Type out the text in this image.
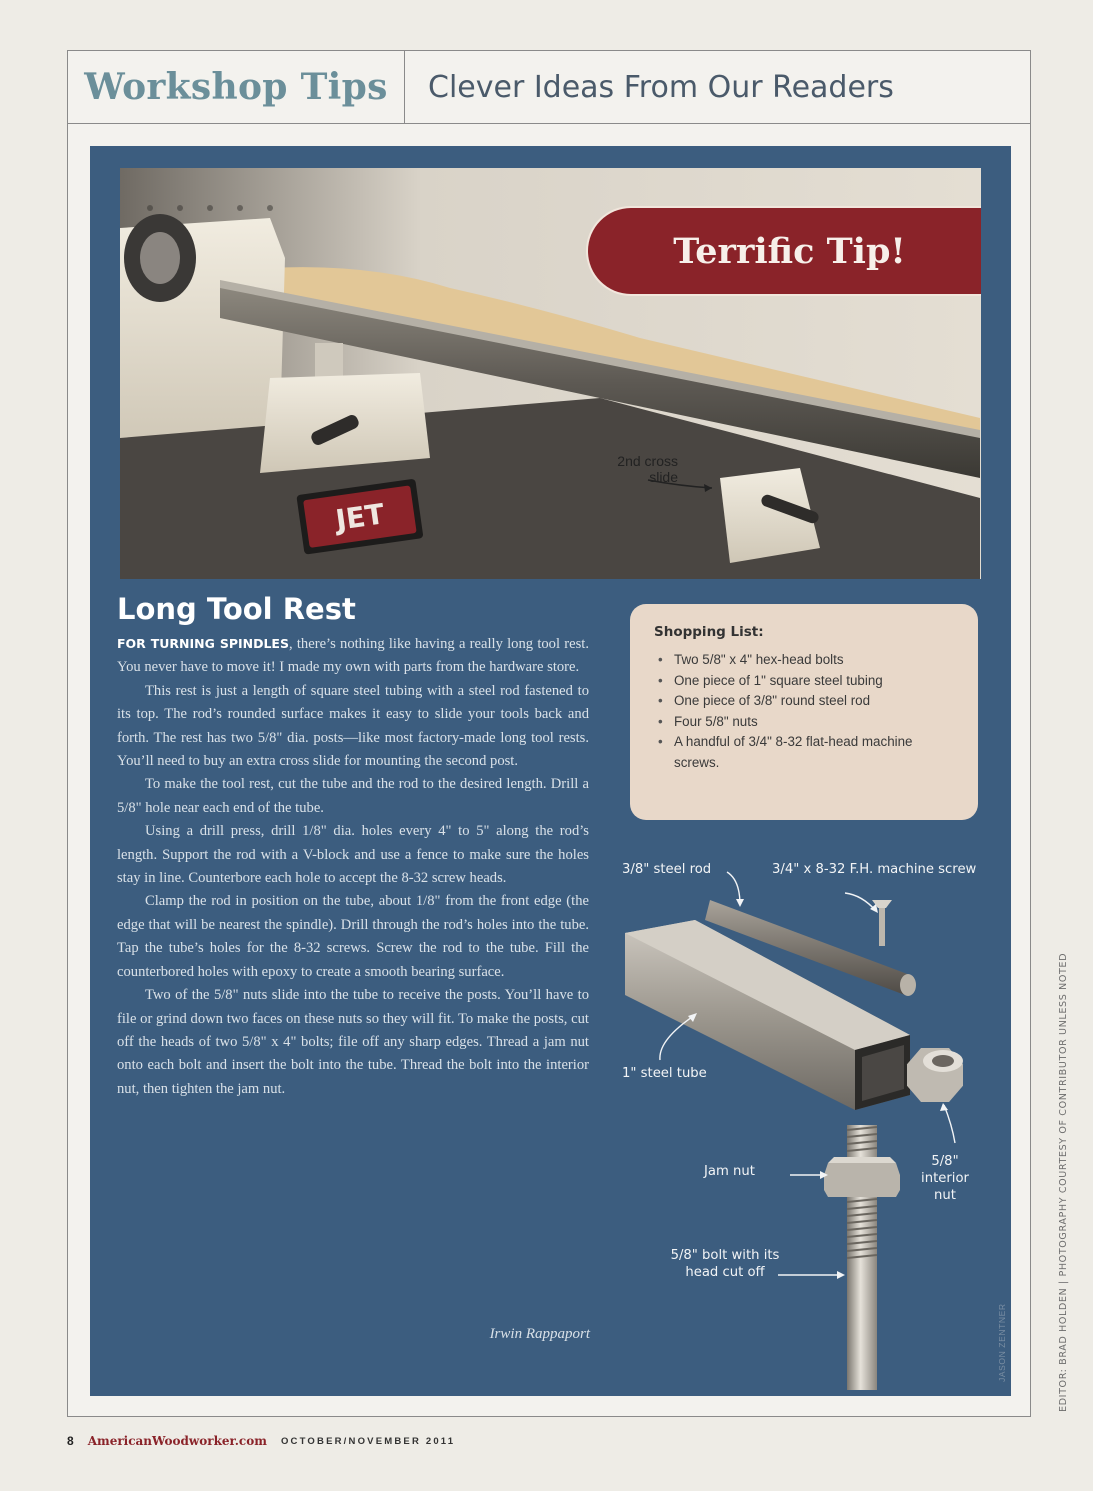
Workshop Tips	Clever Ideas From Our Readers
JET
Terrific Tip!
2nd cross
slide
Long Tool Rest

FOR TURNING SPINDLES, there’s nothing like having a really long tool rest. You never have to move it! I made my own with parts from the hardware store.

This rest is just a length of square steel tubing with a steel rod fastened to its top. The rod’s rounded surface makes it easy to slide your tools back and forth. The rest has two 5/8" dia. posts—like most factory-made long tool rests. You’ll need to buy an extra cross slide for mounting the second post.

To make the tool rest, cut the tube and the rod to the desired length. Drill a 5/8" hole near each end of the tube.

Using a drill press, drill 1/8" dia. holes every 4" to 5" along the rod’s length. Support the rod with a V-block and use a fence to make sure the holes stay in line. Counterbore each hole to accept the 8-32 screw heads.

Clamp the rod in position on the tube, about 1/8" from the front edge (the edge that will be nearest the spindle). Drill through the rod’s holes into the tube. Tap the tube’s holes for the 8-32 screws. Screw the rod to the tube. Fill the counterbored holes with epoxy to create a smooth bearing surface.

Two of the 5/8" nuts slide into the tube to receive the posts. You’ll have to file or grind down two faces on these nuts so they will fit. To make the posts, cut off the heads of two 5/8" x 4" bolts; file off any sharp edges. Thread a jam nut onto each bolt and insert the bolt into the tube. Thread the bolt into the interior nut, then tighten the jam nut.

Irwin Rappaport
Shopping List:
• Two 5/8" x 4" hex-head bolts
• One piece of 1" square steel tubing
• One piece of 3/8" round steel rod
• Four 5/8" nuts
• A handful of 3/4" 8-32 flat-head machine screws.
3/8" steel rod	3/4" x 8-32 F.H. machine screw
1" steel tube
Jam nut
5/8"
interior
nut
5/8" bolt with its
head cut off
JASON ZENTNER	EDITOR: BRAD HOLDEN | PHOTOGRAPHY COURTESY OF CONTRIBUTOR UNLESS NOTED
8 AmericanWoodworker.com OCTOBER/NOVEMBER 2011
